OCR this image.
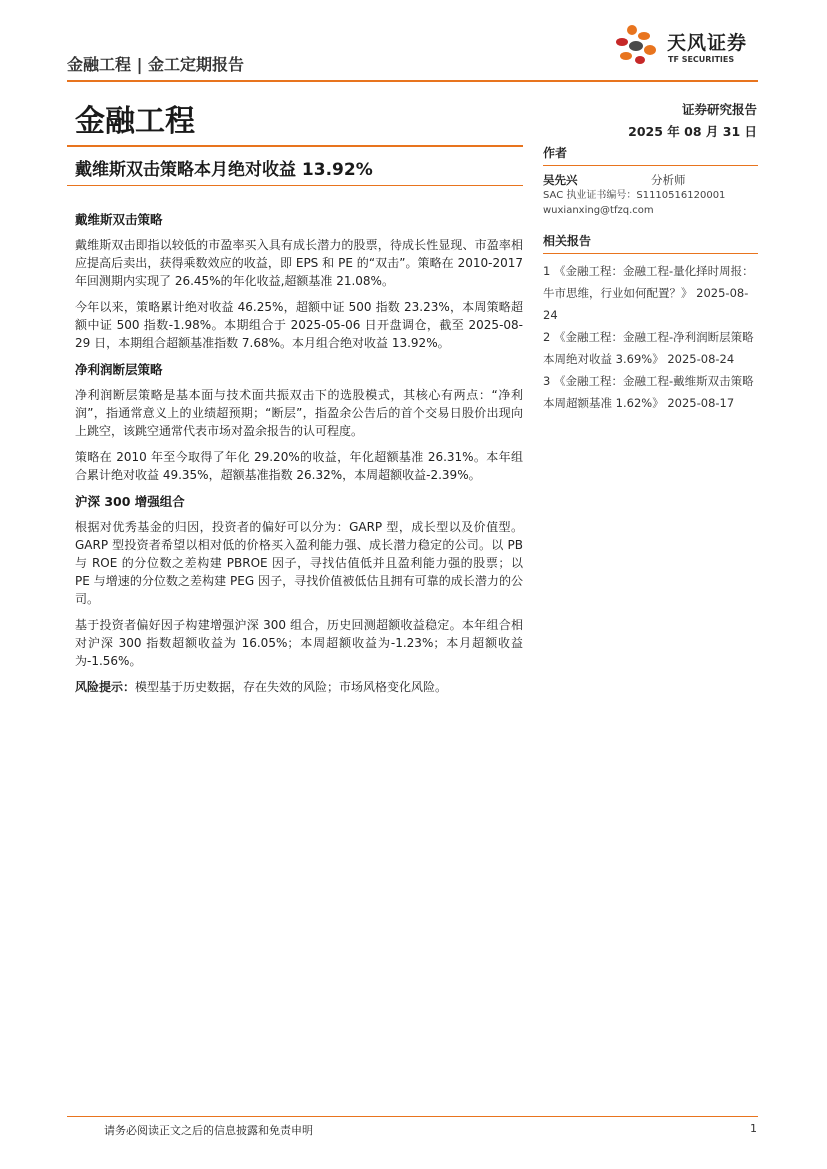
金融工程 | 金工定期报告
天风证券
TF SECURITIES
金融工程	证券研究报告
2025 年 08 月 31 日
戴维斯双击策略本月绝对收益 13.92%
戴维斯双击策略

戴维斯双击即指以较低的市盈率买入具有成长潜力的股票，待成长性显现、市盈率相应提高后卖出，获得乘数效应的收益，即 EPS 和 PE 的“双击”。策略在 2010-2017 年回测期内实现了 26.45%的年化收益,超额基准 21.08%。

今年以来，策略累计绝对收益 46.25%，超额中证 500 指数 23.23%，本周策略超额中证 500 指数-1.98%。本期组合于 2025-05-06 日开盘调仓，截至 2025-08-29 日，本期组合超额基准指数 7.68%。本月组合绝对收益 13.92%。

净利润断层策略

净利润断层策略是基本面与技术面共振双击下的选股模式，其核心有两点：“净利润”，指通常意义上的业绩超预期；“断层”，指盈余公告后的首个交易日股价出现向上跳空，该跳空通常代表市场对盈余报告的认可程度。

策略在 2010 年至今取得了年化 29.20%的收益，年化超额基准 26.31%。本年组合累计绝对收益 49.35%，超额基准指数 26.32%，本周超额收益-2.39%。

沪深 300 增强组合

根据对优秀基金的归因，投资者的偏好可以分为：GARP 型，成长型以及价值型。GARP 型投资者希望以相对低的价格买入盈利能力强、成长潜力稳定的公司。以 PB 与 ROE 的分位数之差构建 PBROE 因子，寻找估值低并且盈利能力强的股票；以 PE 与增速的分位数之差构建 PEG 因子，寻找价值被低估且拥有可靠的成长潜力的公司。

基于投资者偏好因子构建增强沪深 300 组合，历史回测超额收益稳定。本年组合相对沪深 300 指数超额收益为 16.05%；本周超额收益为-1.23%；本月超额收益为-1.56%。

风险提示：模型基于历史数据，存在失效的风险；市场风格变化风险。

作者
吴先兴	分析师
SAC 执业证书编号：S1110516120001
wuxianxing@tfzq.com
相关报告
1 《金融工程：金融工程-量化择时周报：牛市思维，行业如何配置？》 2025-08-24
2 《金融工程：金融工程-净利润断层策略本周绝对收益 3.69%》 2025-08-24
3 《金融工程：金融工程-戴维斯双击策略本周超额基准 1.62%》 2025-08-17
请务必阅读正文之后的信息披露和免责申明	1
